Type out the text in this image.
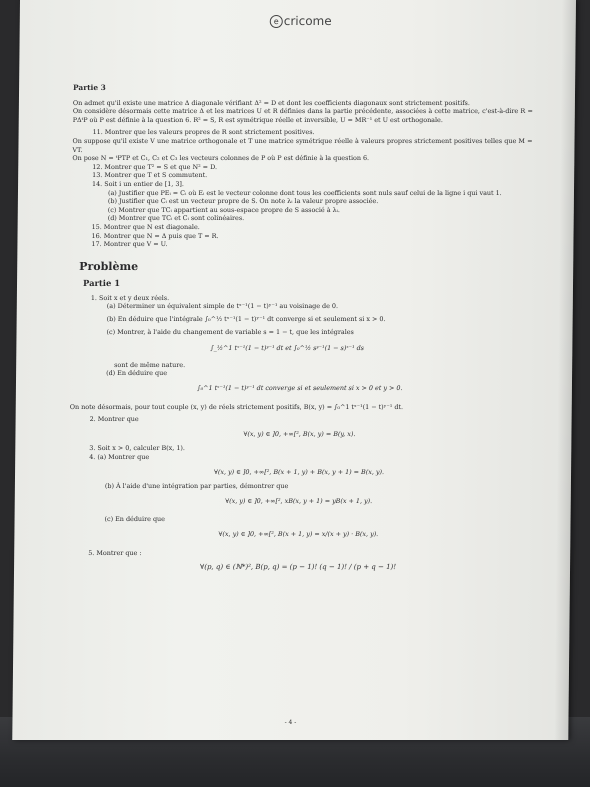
e cricome
Partie 3

On admet qu'il existe une matrice Δ diagonale vérifiant Δ² = D et dont les coefficients diagonaux sont strictement positifs.

On considère désormais cette matrice Δ et les matrices U et R définies dans la partie précédente, associées à cette matrice, c'est-à-dire R = PΔᵗP où P est définie à la question 6. R² = S, R est symétrique réelle et inversible, U = MR⁻¹ et U est orthogonale.

11. Montrer que les valeurs propres de R sont strictement positives.

On suppose qu'il existe V une matrice orthogonale et T une matrice symétrique réelle à valeurs propres strictement positives telles que M = VT.

On pose N = ᵗPTP et C₁, C₂ et C₃ les vecteurs colonnes de P où P est définie à la question 6.

12. Montrer que T² = S et que N² = D.

13. Montrer que T et S commutent.

14. Soit i un entier de [1, 3].

(a) Justifier que PEᵢ = Cᵢ où Eᵢ est le vecteur colonne dont tous les coefficients sont nuls sauf celui de la ligne i qui vaut 1.

(b) Justifier que Cᵢ est un vecteur propre de S. On note λᵢ la valeur propre associée.

(c) Montrer que TCᵢ appartient au sous-espace propre de S associé à λᵢ.

(d) Montrer que TCᵢ et Cᵢ sont colinéaires.

15. Montrer que N est diagonale.

16. Montrer que N = Δ puis que T = R.

17. Montrer que V = U.

Problème
Partie 1

1. Soit x et y deux réels.

(a) Déterminer un équivalent simple de tˣ⁻¹(1 − t)ʸ⁻¹ au voisinage de 0.

(b) En déduire que l'intégrale ∫₀^½ tˣ⁻¹(1 − t)ʸ⁻¹ dt converge si et seulement si x > 0.

(c) Montrer, à l'aide du changement de variable s = 1 − t, que les intégrales

∫_½^1 tˣ⁻¹(1 − t)ʸ⁻¹ dt et ∫₀^½ sʸ⁻¹(1 − s)ˣ⁻¹ ds

sont de même nature.

(d) En déduire que

∫₀^1 tˣ⁻¹(1 − t)ʸ⁻¹ dt converge si et seulement si x > 0 et y > 0.

On note désormais, pour tout couple (x, y) de réels strictement positifs, B(x, y) = ∫₀^1 tˣ⁻¹(1 − t)ʸ⁻¹ dt.

2. Montrer que

∀(x, y) ∈ ]0, +∞[², B(x, y) = B(y, x).

3. Soit x > 0, calculer B(x, 1).

4. (a) Montrer que

∀(x, y) ∈ ]0, +∞[², B(x + 1, y) + B(x, y + 1) = B(x, y).

(b) À l'aide d'une intégration par parties, démontrer que

∀(x, y) ∈ ]0, +∞[², xB(x, y + 1) = yB(x + 1, y).

(c) En déduire que

∀(x, y) ∈ ]0, +∞[², B(x + 1, y) = x/(x + y) · B(x, y).

5. Montrer que :

∀(p, q) ∈ (ℕ*)², B(p, q) = (p − 1)! (q − 1)! / (p + q − 1)!
- 4 -
